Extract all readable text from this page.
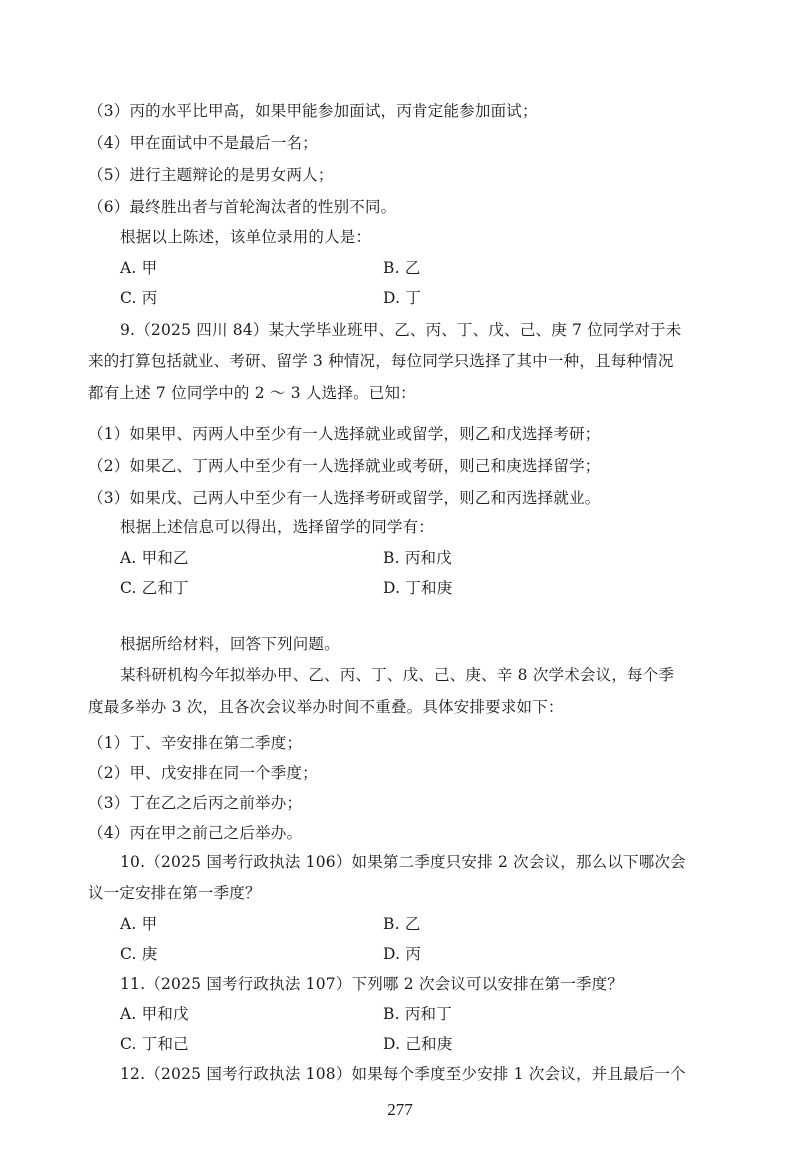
（3）丙的水平比甲高，如果甲能参加面试，丙肯定能参加面试；
（4）甲在面试中不是最后一名；
（5）进行主题辩论的是男女两人；
（6）最终胜出者与首轮淘汰者的性别不同。
根据以上陈述，该单位录用的人是：
A. 甲	B. 乙
C. 丙	D. 丁
9.（2025 四川 84）某大学毕业班甲、乙、丙、丁、戊、己、庚 7 位同学对于未
来的打算包括就业、考研、留学 3 种情况，每位同学只选择了其中一种，且每种情况
都有上述 7 位同学中的 2 ～ 3 人选择。已知：
（1）如果甲、丙两人中至少有一人选择就业或留学，则乙和戊选择考研；
（2）如果乙、丁两人中至少有一人选择就业或考研，则己和庚选择留学；
（3）如果戊、己两人中至少有一人选择考研或留学，则乙和丙选择就业。
根据上述信息可以得出，选择留学的同学有：
A. 甲和乙	B. 丙和戊
C. 乙和丁	D. 丁和庚
根据所给材料，回答下列问题。
某科研机构今年拟举办甲、乙、丙、丁、戊、己、庚、辛 8 次学术会议，每个季
度最多举办 3 次，且各次会议举办时间不重叠。具体安排要求如下：
（1）丁、辛安排在第二季度；
（2）甲、戊安排在同一个季度；
（3）丁在乙之后丙之前举办；
（4）丙在甲之前己之后举办。
10.（2025 国考行政执法 106）如果第二季度只安排 2 次会议，那么以下哪次会
议一定安排在第一季度？
A. 甲	B. 乙
C. 庚	D. 丙
11.（2025 国考行政执法 107）下列哪 2 次会议可以安排在第一季度？
A. 甲和戊	B. 丙和丁
C. 丁和己	D. 己和庚
12.（2025 国考行政执法 108）如果每个季度至少安排 1 次会议，并且最后一个
277
